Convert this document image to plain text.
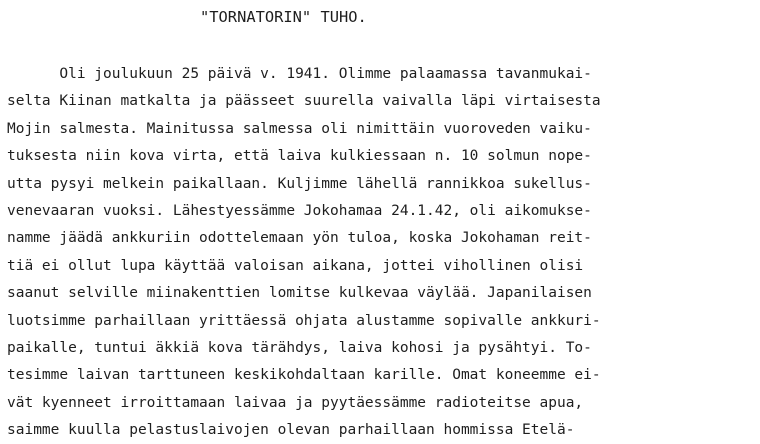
"TORNATORIN" TUHO.
Oli joulukuun 25 päivä v. 1941. Olimme palaamassa tavanmukai-
selta Kiinan matkalta ja päässeet suurella vaivalla läpi virtaisesta
Mojin salmesta. Mainitussa salmessa oli nimittäin vuoroveden vaiku-
tuksesta niin kova virta, että laiva kulkiessaan n. 10 solmun nope-
utta pysyi melkein paikallaan. Kuljimme lähellä rannikkoa sukellus-
venevaaran vuoksi. Lähestyessämme Jokohamaa 24.1.42, oli aikomukse-
namme jäädä ankkuriin odottelemaan yön tuloa, koska Jokohaman reit-
tiä ei ollut lupa käyttää valoisan aikana, jottei vihollinen olisi
saanut selville miinakenttien lomitse kulkevaa väylää. Japanilaisen
luotsimme parhaillaan yrittäessä ohjata alustamme sopivalle ankkuri-
paikalle, tuntui äkkiä kova tärähdys, laiva kohosi ja pysähtyi. To-
tesimme laivan tarttuneen keskikohdaltaan karille. Omat koneemme ei-
vät kyenneet irroittamaan laivaa ja pyytäessämme radioteitse apua,
saimme kuulla pelastuslaivojen olevan parhaillaan hommissa Etelä-
